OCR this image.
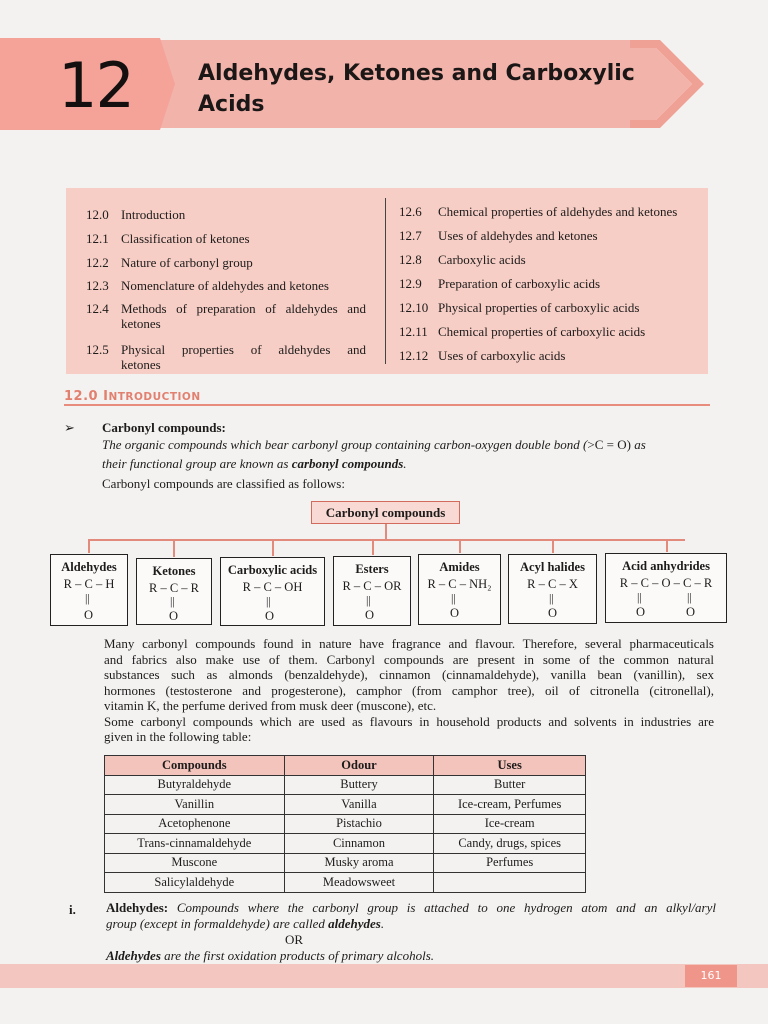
12	Aldehydes, Ketones and Carboxylic
Acids
12.0 Introduction
12.1 Classification of ketones
12.2 Nature of carbonyl group
12.3 Nomenclature of aldehydes and ketones
12.4 Methods of preparation of aldehydes and
ketones
12.5 Physical properties of aldehydes and
ketones
12.6	Chemical properties of aldehydes and ketones
12.7	Uses of aldehydes and ketones
12.8	Carboxylic acids
12.9	Preparation of carboxylic acids
12.10 Physical properties of carboxylic acids
12.11 Chemical properties of carboxylic acids
12.12 Uses of carboxylic acids
12.0 INTRODUCTION
➢ Carbonyl compounds:
The organic compounds which bear carbonyl group containing carbon-oxygen double bond (>C = O) as
their functional group are known as carbonyl compounds.
Carbonyl compounds are classified as follows:
Carbonyl compounds
Aldehydes
R – C – H
||
O
Ketones
R – C – R
||
O
Carboxylic acids
R – C – OH
||
O
Esters
R – C – OR
||
O
Amides
R – C – NH₂
||
O
Acyl halides
R – C – X
||
O
Acid anhydrides
R – C – O – C – R
||
O
||
O
Many carbonyl compounds found in nature have fragrance and flavour. Therefore, several pharmaceuticals
and fabrics also make use of them. Carbonyl compounds are present in some of the common natural
substances such as almonds (benzaldehyde), cinnamon (cinnamaldehyde), vanilla bean (vanillin), sex
hormones (testosterone and progesterone), camphor (from camphor tree), oil of citronella (citronellal),
vitamin K, the perfume derived from musk deer (muscone), etc.
Some carbonyl compounds which are used as flavours in household products and solvents in industries are
given in the following table:
Compounds	Odour	Uses
Butyraldehyde	Buttery	Butter
Vanillin	Vanilla	Ice-cream, Perfumes
Acetophenone	Pistachio	Ice-cream
Trans-cinnamaldehyde	Cinnamon	Candy, drugs, spices
Muscone	Musky aroma	Perfumes
Salicylaldehyde	Meadowsweet	
i. Aldehydes: Compounds where the carbonyl group is attached to one hydrogen atom and an alkyl/aryl
group (except in formaldehyde) are called aldehydes.
OR
Aldehydes are the first oxidation products of primary alcohols.
161
